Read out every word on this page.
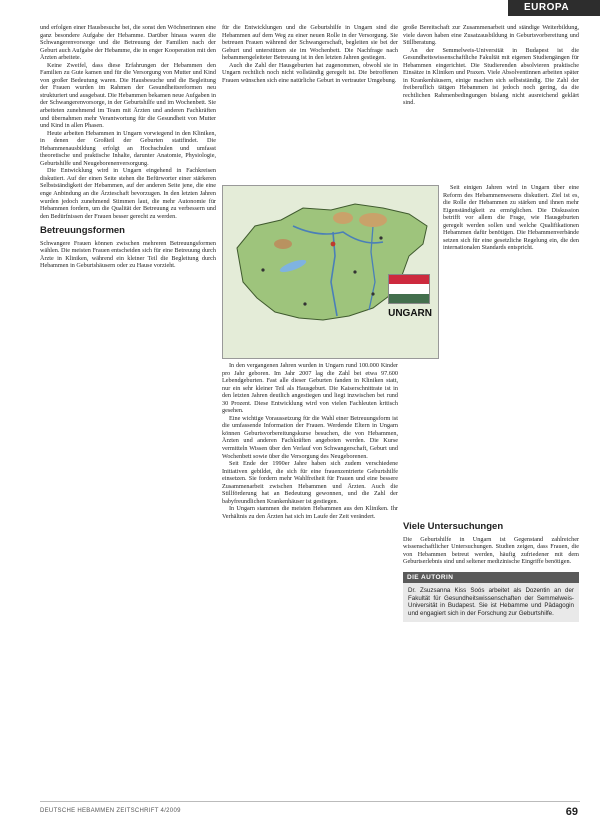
EUROPA

und erfolgen einer Hausbesuche bei, die sonst den Wöchnerinnen eine ganz besondere Aufgabe der Hebamme. Darüber hinaus waren die Schwangerenvorsorge und die Betreuung der Familien nach der Geburt auch Aufgabe der Hebamme, die in enger Kooperation mit den Ärzten arbeitete.

Keine Zweifel, dass diese Erfahrungen der Hebammen den Familien zu Gute kamen und für die Versorgung von Mutter und Kind von großer Bedeutung waren. Die Hausbesuche und die Begleitung der Frauen wurden im Rahmen der Gesundheitsreformen neu strukturiert und ausgebaut. Die Hebammen bekamen neue Aufgaben in der Schwangerenvorsorge, in der Geburtshilfe und im Wochenbett. Sie arbeiteten zunehmend im Team mit Ärzten und anderen Fachkräften und übernahmen mehr Verantwortung für die Gesundheit von Mutter und Kind in allen Phasen.

Heute arbeiten Hebammen in Ungarn vorwiegend in den Kliniken, in denen der Großteil der Geburten stattfindet. Die Hebammenausbildung erfolgt an Hochschulen und umfasst theoretische und praktische Inhalte, darunter Anatomie, Physiologie, Geburtshilfe und Neugeborenenversorgung.

Die Entwicklung wird in Ungarn eingehend in Fachkreisen diskutiert. Auf der einen Seite stehen die Befürworter einer stärkeren Selbstständigkeit der Hebammen, auf der anderen Seite jene, die eine enge Anbindung an die Ärzteschaft bevorzugen. In den letzten Jahren wurden jedoch zunehmend Stimmen laut, die mehr Autonomie für Hebammen fordern, um die Qualität der Betreuung zu verbessern und den Bedürfnissen der Frauen besser gerecht zu werden.

Betreuungsformen

Schwangere Frauen können zwischen mehreren Betreuungsformen wählen. Die meisten Frauen entscheiden sich für eine Betreuung durch Ärzte in Kliniken, während ein kleiner Teil die Begleitung durch Hebammen in Geburtshäusern oder zu Hause vorzieht.

für die Entwicklungen und die Geburtshilfe in Ungarn sind die Hebammen auf dem Weg zu einer neuen Rolle in der Versorgung. Sie betreuen Frauen während der Schwangerschaft, begleiten sie bei der Geburt und unterstützen sie im Wochenbett. Die Nachfrage nach hebammengeleiteter Betreuung ist in den letzten Jahren gestiegen.

Auch die Zahl der Hausgeburten hat zugenommen, obwohl sie in Ungarn rechtlich noch nicht vollständig geregelt ist. Die betroffenen Frauen wünschen sich eine natürliche Geburt in vertrauter Umgebung.

UNGARN

In den vergangenen Jahren wurden in Ungarn rund 100.000 Kinder pro Jahr geboren. Im Jahr 2007 lag die Zahl bei etwa 97.600 Lebendgeburten. Fast alle dieser Geburten fanden in Kliniken statt, nur ein sehr kleiner Teil als Hausgeburt. Die Kaiserschnittrate ist in den letzten Jahren deutlich angestiegen und liegt inzwischen bei rund 30 Prozent. Diese Entwicklung wird von vielen Fachleuten kritisch gesehen.

Eine wichtige Voraussetzung für die Wahl einer Betreuungsform ist die umfassende Information der Frauen. Werdende Eltern in Ungarn können Geburtsvorbereitungskurse besuchen, die von Hebammen, Ärzten und anderen Fachkräften angeboten werden. Die Kurse vermitteln Wissen über den Verlauf von Schwangerschaft, Geburt und Wochenbett sowie über die Versorgung des Neugeborenen.

Seit Ende der 1990er Jahre haben sich zudem verschiedene Initiativen gebildet, die sich für eine frauenzentrierte Geburtshilfe einsetzen. Sie fordern mehr Wahlfreiheit für Frauen und eine bessere Zusammenarbeit zwischen Hebammen und Ärzten. Auch die Stillförderung hat an Bedeutung gewonnen, und die Zahl der babyfreundlichen Krankenhäuser ist gestiegen.

In Ungarn stammen die meisten Hebammen aus den Kliniken. Ihr Verhältnis zu den Ärzten hat sich im Laufe der Zeit verändert.

große Bereitschaft zur Zusammenarbeit und ständige Weiterbildung, viele davon haben eine Zusatzausbildung in Geburtsvorbereitung und Stillberatung.

An der Semmelweis-Universität in Budapest ist die Gesundheitswissenschaftliche Fakultät mit eigenen Studiengängen für Hebammen eingerichtet. Die Studierenden absolvieren praktische Einsätze in Kliniken und Praxen. Viele Absolventinnen arbeiten später in Krankenhäusern, einige machen sich selbstständig. Die Zahl der freiberuflich tätigen Hebammen ist jedoch noch gering, da die rechtlichen Rahmenbedingungen bislang nicht ausreichend geklärt sind.

Seit einigen Jahren wird in Ungarn über eine Reform des Hebammenwesens diskutiert. Ziel ist es, die Rolle der Hebammen zu stärken und ihnen mehr Eigenständigkeit zu ermöglichen. Die Diskussion betrifft vor allem die Frage, wie Hausgeburten geregelt werden sollen und welche Qualifikationen Hebammen dafür benötigen. Die Hebammenverbände setzen sich für eine gesetzliche Regelung ein, die den internationalen Standards entspricht.

Viele Untersuchungen

Die Geburtshilfe in Ungarn ist Gegenstand zahlreicher wissenschaftlicher Untersuchungen. Studien zeigen, dass Frauen, die von Hebammen betreut werden, häufig zufriedener mit dem Geburtserlebnis sind und seltener medizinische Eingriffe benötigen.

DIE AUTORIN
Dr. Zsuzsanna Kiss Soós arbeitet als Dozentin an der Fakultät für Gesundheitswissenschaften der Semmelweis-Universität in Budapest. Sie ist Hebamme und Pädagogin und engagiert sich in der Forschung zur Geburtshilfe.
DEUTSCHE HEBAMMEN ZEITSCHRIFT 4/2009	69
